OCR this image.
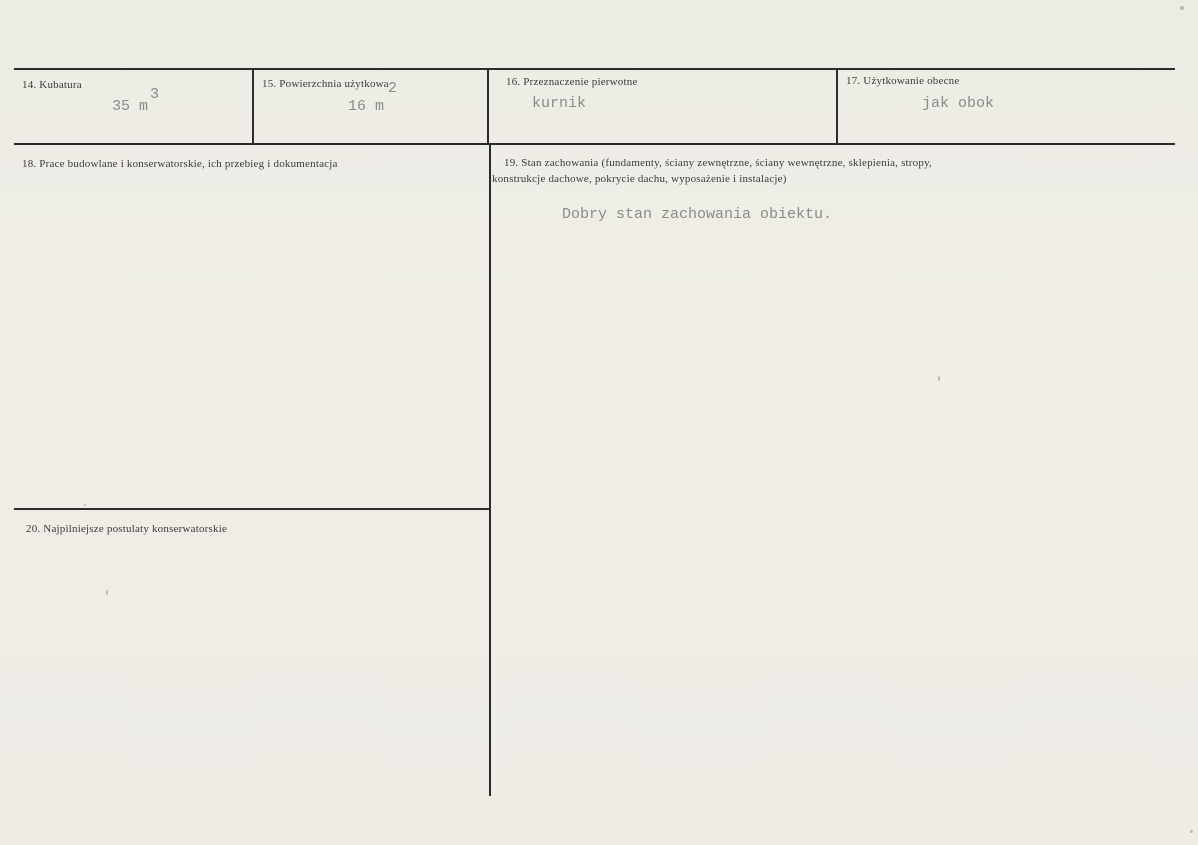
14. Kubatura
35 m
3
15. Powierzchnia użytkowa
16 m
2	16. Przeznaczenie pierwotne
kurnik
17. Użytkowanie obecne
jak obok
18. Prace budowlane i konserwatorskie, ich przebieg i dokumentacja	19. Stan zachowania (fundamenty, ściany zewnętrzne, ściany wewnętrzne, sklepienia, stropy,
konstrukcje dachowe, pokrycie dachu, wyposażenie i instalacje)
Dobry stan zachowania obiektu.
20. Najpilniejsze postulaty konserwatorskie
